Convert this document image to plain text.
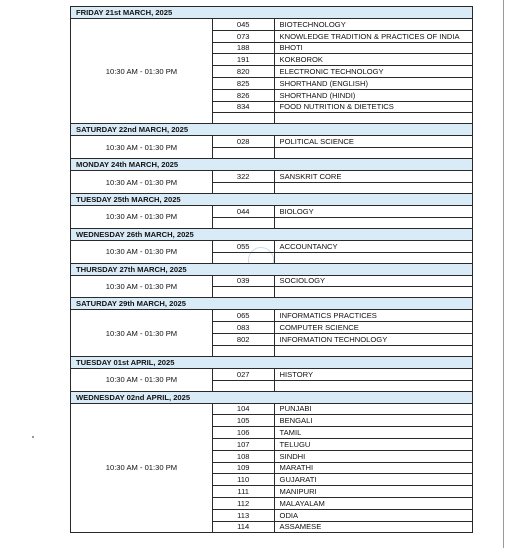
FRIDAY 21st MARCH, 2025		
10:30 AM - 01:30 PM	045	BIOTECHNOLOGY
	073	KNOWLEDGE TRADITION & PRACTICES OF INDIA
	188	BHOTI
	191	KOKBOROK
	820	ELECTRONIC TECHNOLOGY
	825	SHORTHAND (ENGLISH)
	826	SHORTHAND (HINDI)
	834	FOOD NUTRITION & DIETETICS

SATURDAY 22nd MARCH, 2025		
10:30 AM - 01:30 PM	028	POLITICAL SCIENCE

MONDAY 24th MARCH, 2025		
10:30 AM - 01:30 PM	322	SANSKRIT CORE

TUESDAY 25th MARCH, 2025		
10:30 AM - 01:30 PM	044	BIOLOGY

WEDNESDAY 26th MARCH, 2025		
10:30 AM - 01:30 PM	055	ACCOUNTANCY

THURSDAY 27th MARCH, 2025		
10:30 AM - 01:30 PM	039	SOCIOLOGY

SATURDAY 29th MARCH, 2025		
10:30 AM - 01:30 PM	065	INFORMATICS PRACTICES
	083	COMPUTER SCIENCE
	802	INFORMATION TECHNOLOGY

TUESDAY 01st APRIL, 2025		
10:30 AM - 01:30 PM	027	HISTORY

WEDNESDAY 02nd APRIL, 2025		
10:30 AM - 01:30 PM	104	PUNJABI
	105	BENGALI
	106	TAMIL
	107	TELUGU
	108	SINDHI
	109	MARATHI
	110	GUJARATI
	111	MANIPURI
	112	MALAYALAM
	113	ODIA
	114	ASSAMESE
